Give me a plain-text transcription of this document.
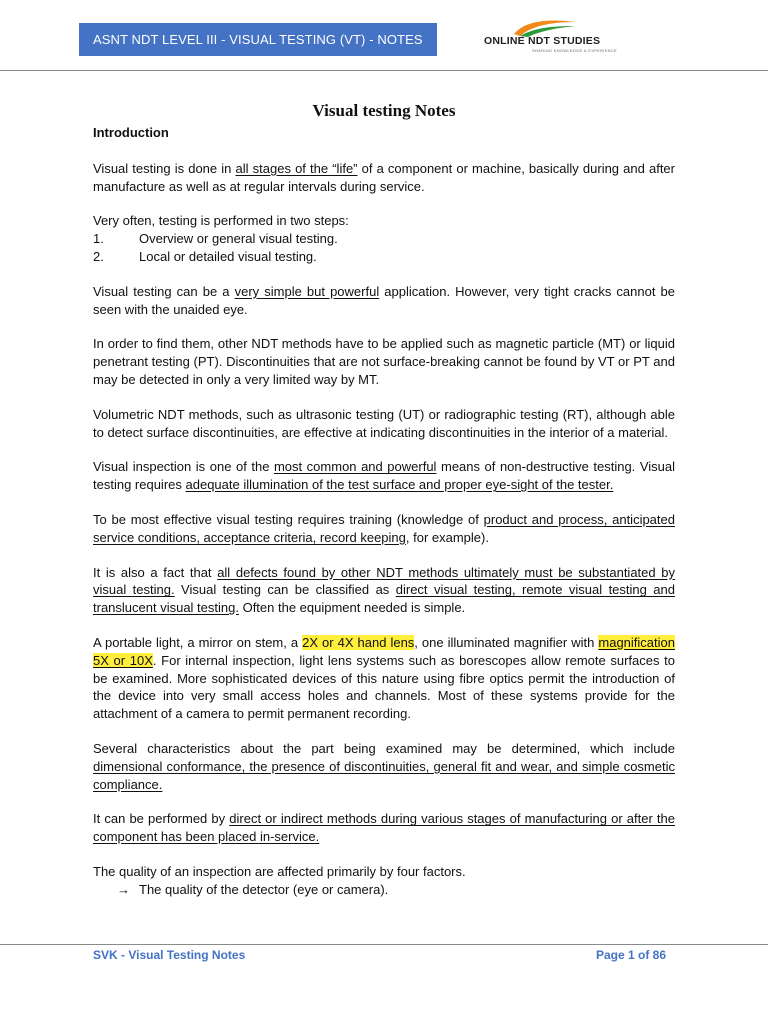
ASNT NDT LEVEL III - VISUAL TESTING (VT) - NOTES	ONLINE NDT STUDIES
SHARING KNOWLEDGE & EXPERIENCE
Visual testing Notes
Introduction

Visual testing is done in all stages of the “life” of a component or machine, basically during and after manufacture as well as at regular intervals during service.

Very often, testing is performed in two steps:

1.	Overview or general visual testing.
2.	Local or detailed visual testing.

Visual testing can be a very simple but powerful application. However, very tight cracks cannot be seen with the unaided eye.

In order to find them, other NDT methods have to be applied such as magnetic particle (MT) or liquid penetrant testing (PT). Discontinuities that are not surface-breaking cannot be found by VT or PT and may be detected in only a very limited way by MT.

Volumetric NDT methods, such as ultrasonic testing (UT) or radiographic testing (RT), although able to detect surface discontinuities, are effective at indicating discontinuities in the interior of a material.

Visual inspection is one of the most common and powerful means of non-destructive testing. Visual testing requires adequate illumination of the test surface and proper eye-sight of the tester.

To be most effective visual testing requires training (knowledge of product and process, anticipated service conditions, acceptance criteria, record keeping, for example).

It is also a fact that all defects found by other NDT methods ultimately must be substantiated by visual testing. Visual testing can be classified as direct visual testing, remote visual testing and translucent visual testing. Often the equipment needed is simple.

A portable light, a mirror on stem, a 2X or 4X hand lens, one illuminated magnifier with magnification 5X or 10X. For internal inspection, light lens systems such as borescopes allow remote surfaces to be examined. More sophisticated devices of this nature using fibre optics permit the introduction of the device into very small access holes and channels. Most of these systems provide for the attachment of a camera to permit permanent recording.

Several characteristics about the part being examined may be determined, which include dimensional conformance, the presence of discontinuities, general fit and wear, and simple cosmetic compliance.

It can be performed by direct or indirect methods during various stages of manufacturing or after the component has been placed in-service.

The quality of an inspection are affected primarily by four factors.

→ The quality of the detector (eye or camera).
SVK - Visual Testing Notes	Page 1 of 86
